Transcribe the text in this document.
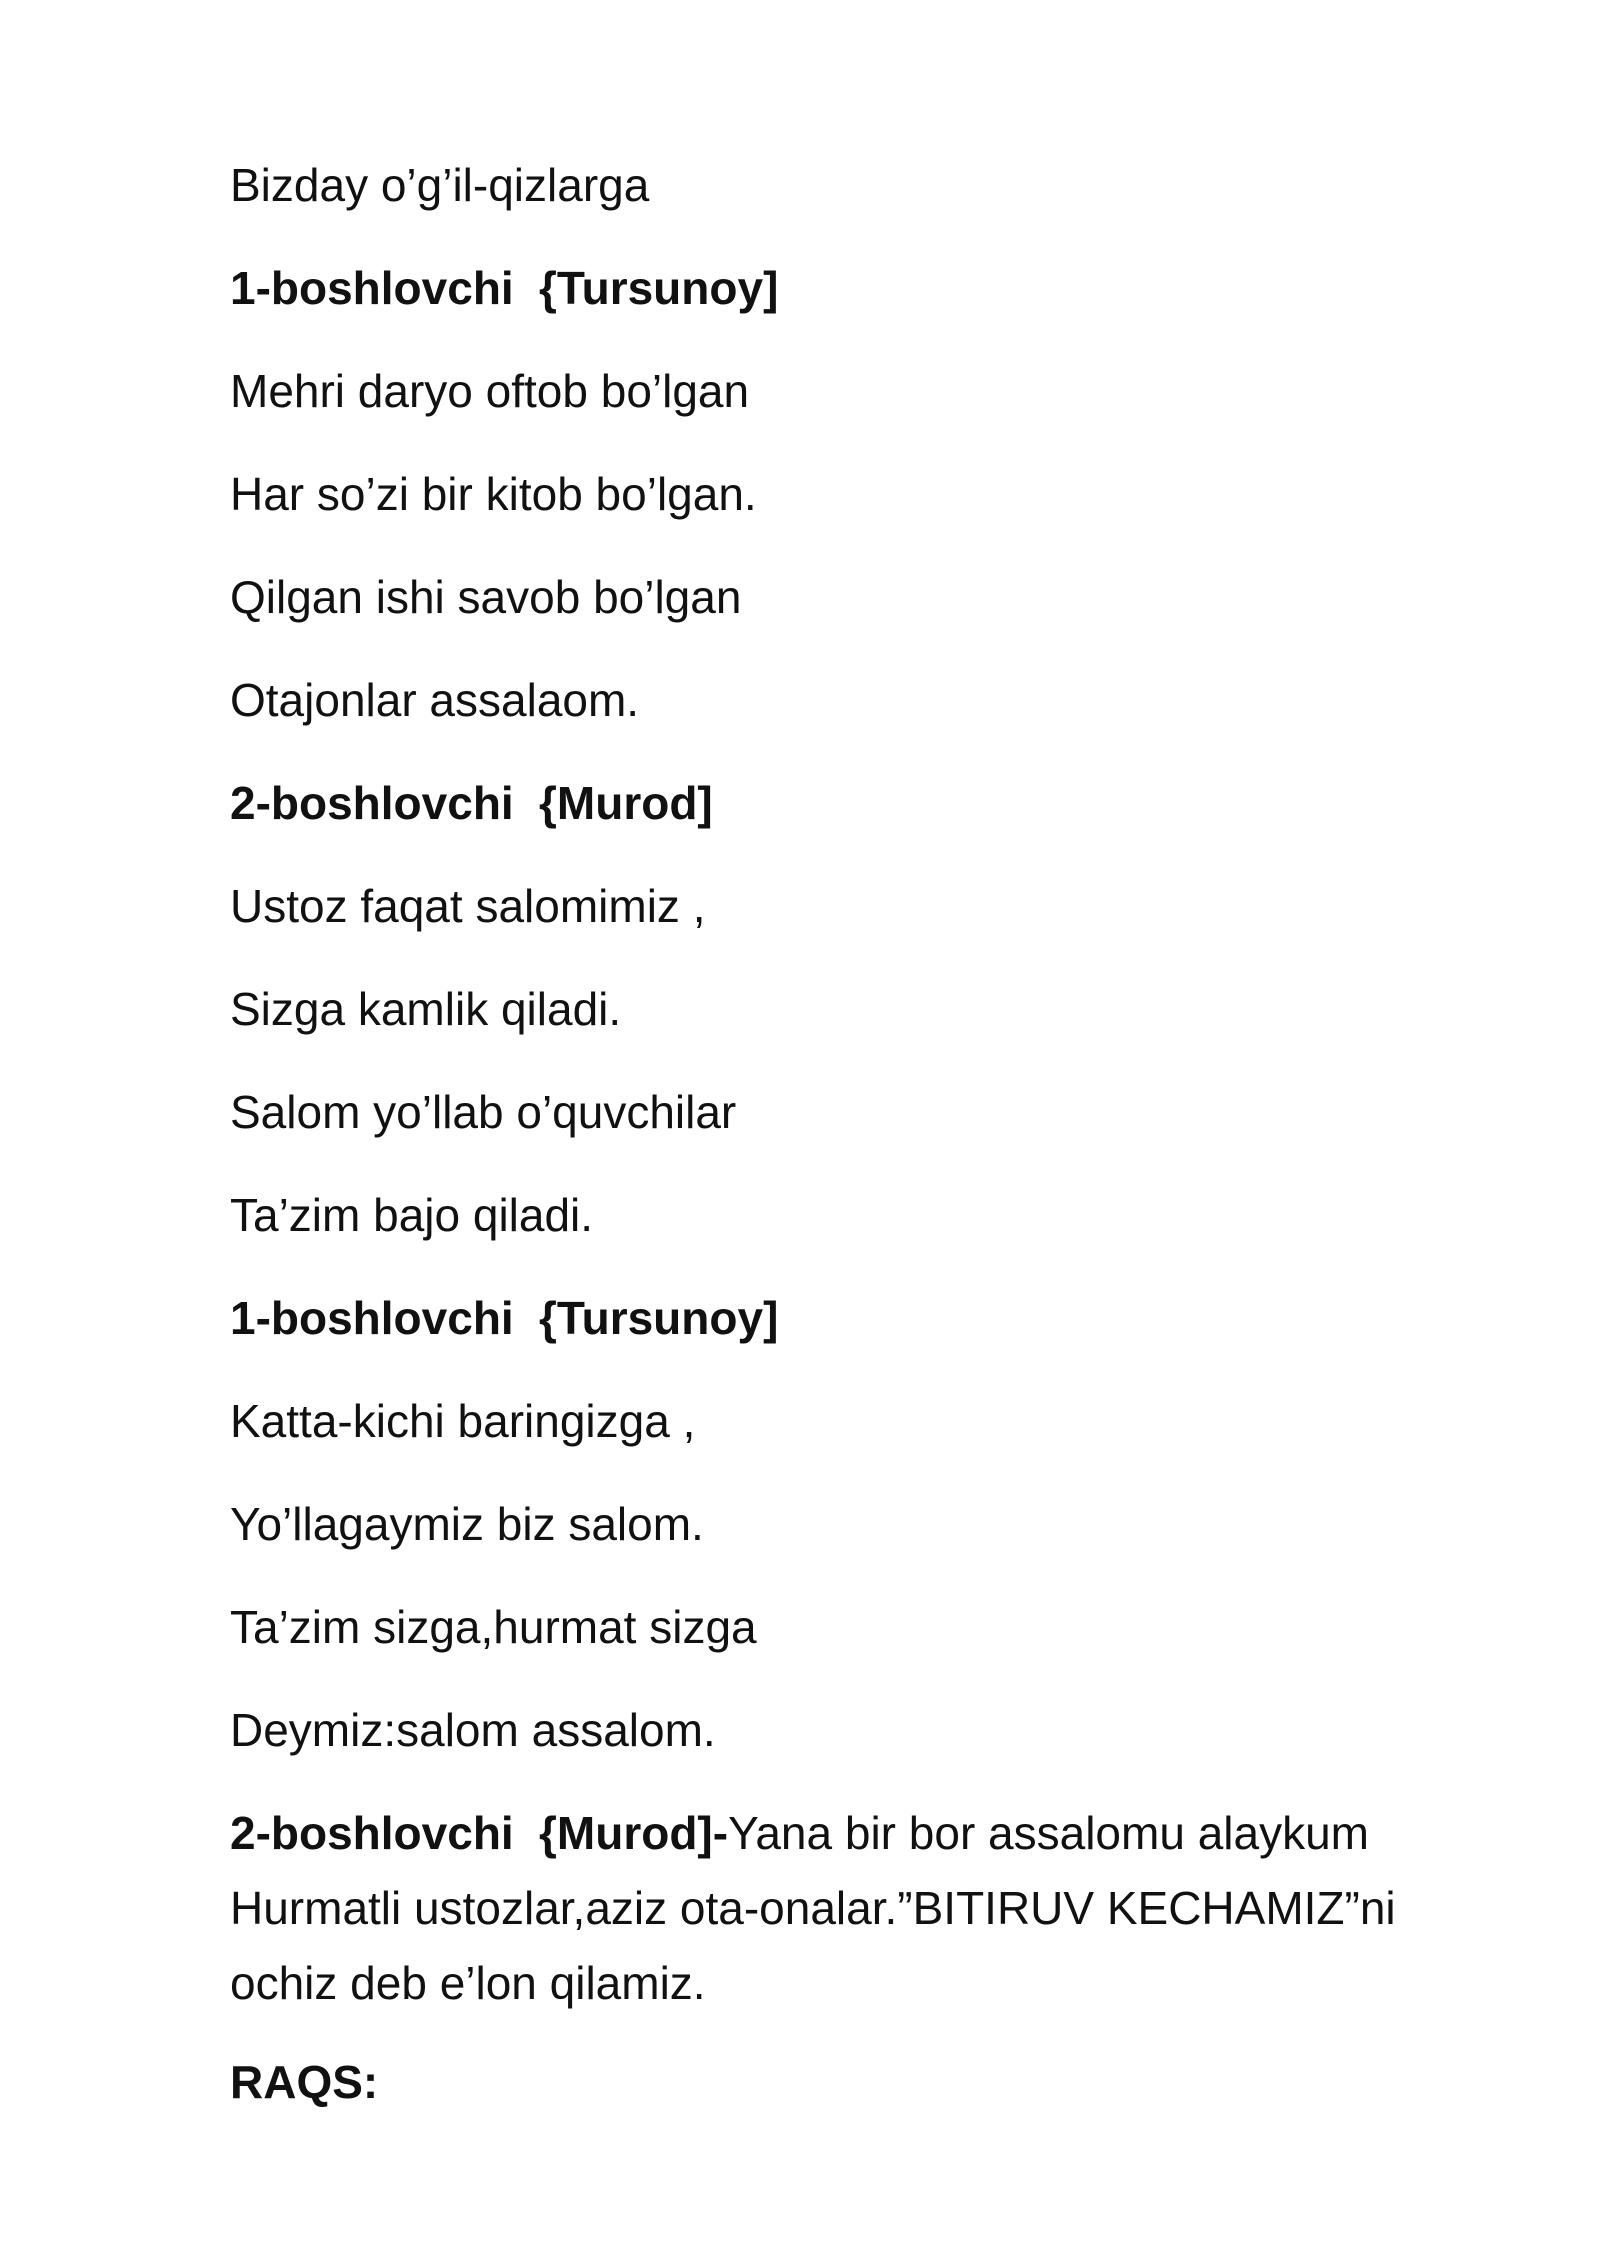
Bizday o’g’il-qizlarga
1-boshlovchi {Tursunoy]
Mehri daryo oftob bo’lgan
Har so’zi bir kitob bo’lgan.
Qilgan ishi savob bo’lgan
Otajonlar assalaom.
2-boshlovchi {Murod]
Ustoz faqat salomimiz ,
Sizga kamlik qiladi.
Salom yo’llab o’quvchilar
Ta’zim bajo qiladi.
1-boshlovchi {Tursunoy]
Katta-kichi baringizga ,
Yo’llagaymiz biz salom.
Ta’zim sizga,hurmat sizga
Deymiz:salom assalom.
2-boshlovchi {Murod]-Yana bir bor assalomu alaykum Hurmatli ustozlar,aziz ota-onalar.”BITIRUV KECHAMIZ”ni ochiz deb e’lon qilamiz.
RAQS:
